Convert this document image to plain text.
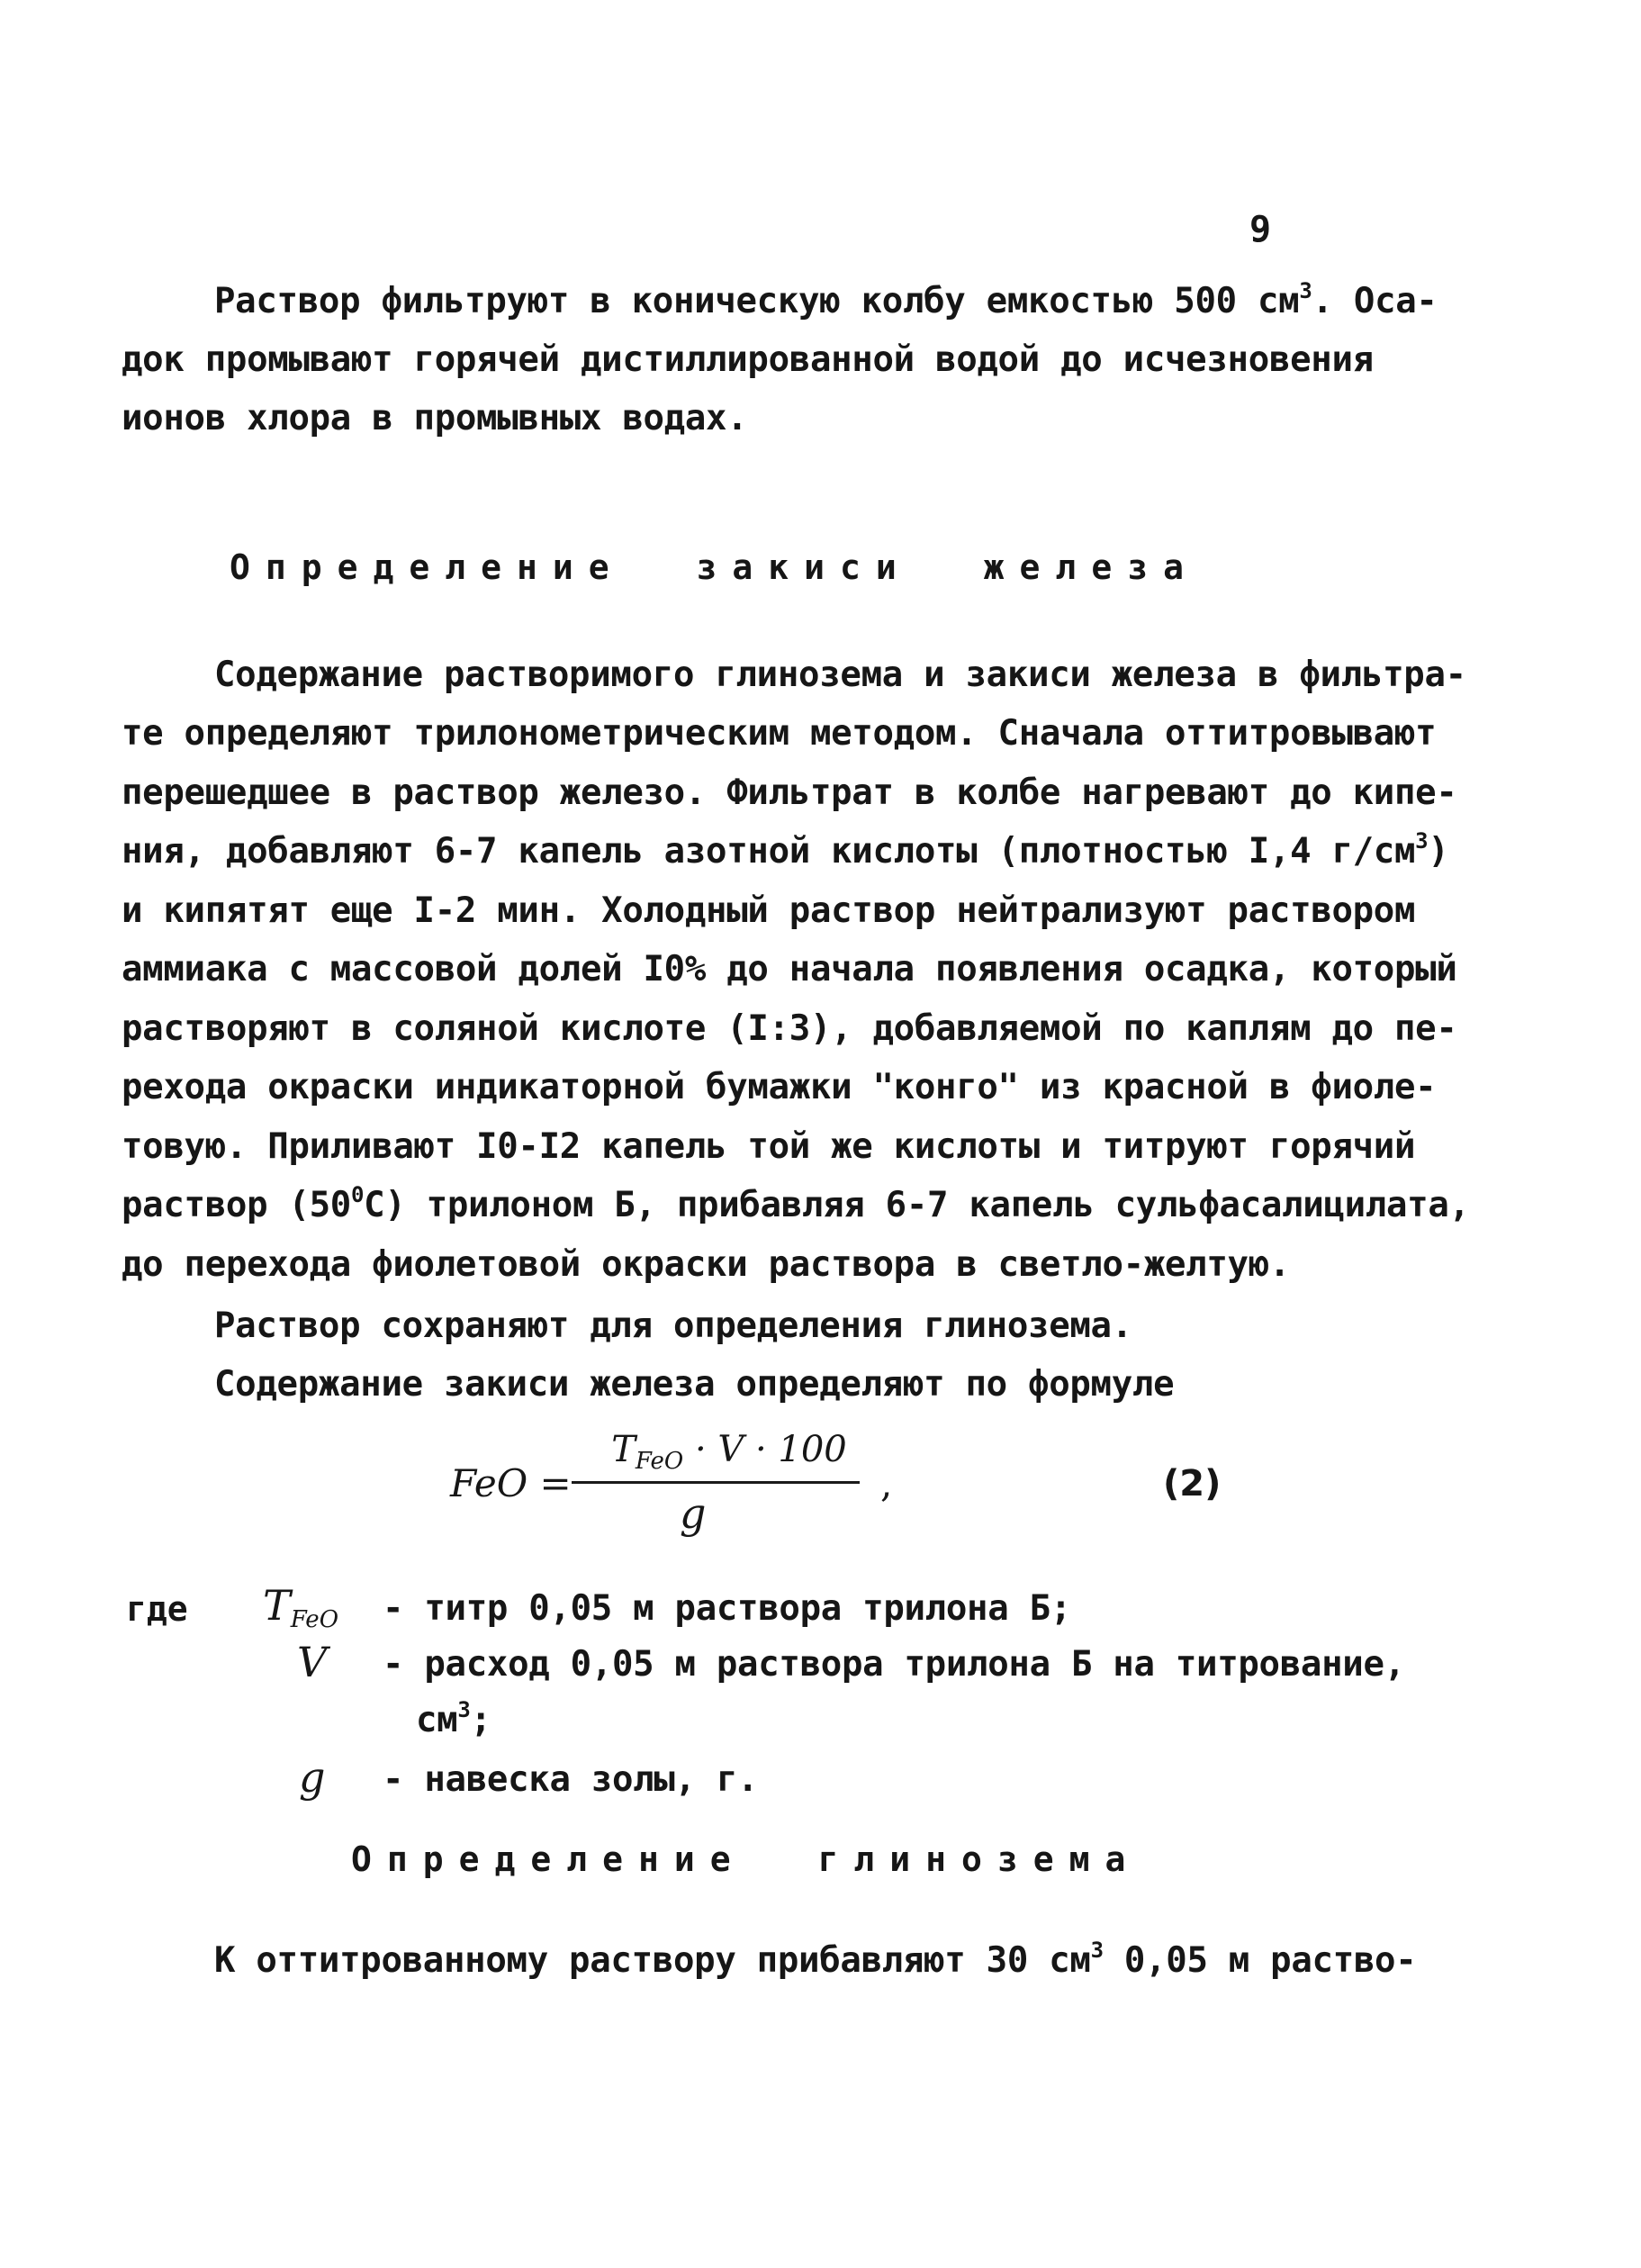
9
Раствор фильтруют в коническую колбу емкостью 500 $см^3$. Оса-
док промывают горячей дистиллированной водой до исчезновения
ионов хлора в промывных водах.
Определение закиси железа
Содержание растворимого глинозема и закиси железа в фильтра-
те определяют трилонометрическим методом. Сначала оттитровывают
перешедшее в раствор железо. Фильтрат в колбе нагревают до кипе-
ния, добавляют 6-7 капель азотной кислоты (плотностью I,4 $г/см^3$)
и кипятят еще I-2 мин. Холодный раствор нейтрализуют раствором
аммиака с массовой долей I0% до начала появления осадка, который
растворяют в соляной кислоте (I:3), добавляемой по каплям до пе-
рехода окраски индикаторной бумажки "конго" из красной в фиоле-
товую. Приливают I0-I2 капель той же кислоты и титруют горячий
раствор $(50^0С)$ трилоном Б, прибавляя 6-7 капель сульфасалицилата,
до перехода фиолетовой окраски раствора в светло-желтую.
Раствор сохраняют для определения глинозема.
Содержание закиси железа определяют по формуле
FeO =
$T_{FeO} \cdot V \cdot 100$
g
,	(2)
где $T_{FeO}$ - титр 0,05 м раствора трилона Б;
V - расход 0,05 м раствора трилона Б на титрование,
$см^3$;
g - навеска золы, г.
Определение глинозема
К оттитрованному раствору прибавляют 30 $см^3$ 0,05 м раство-
